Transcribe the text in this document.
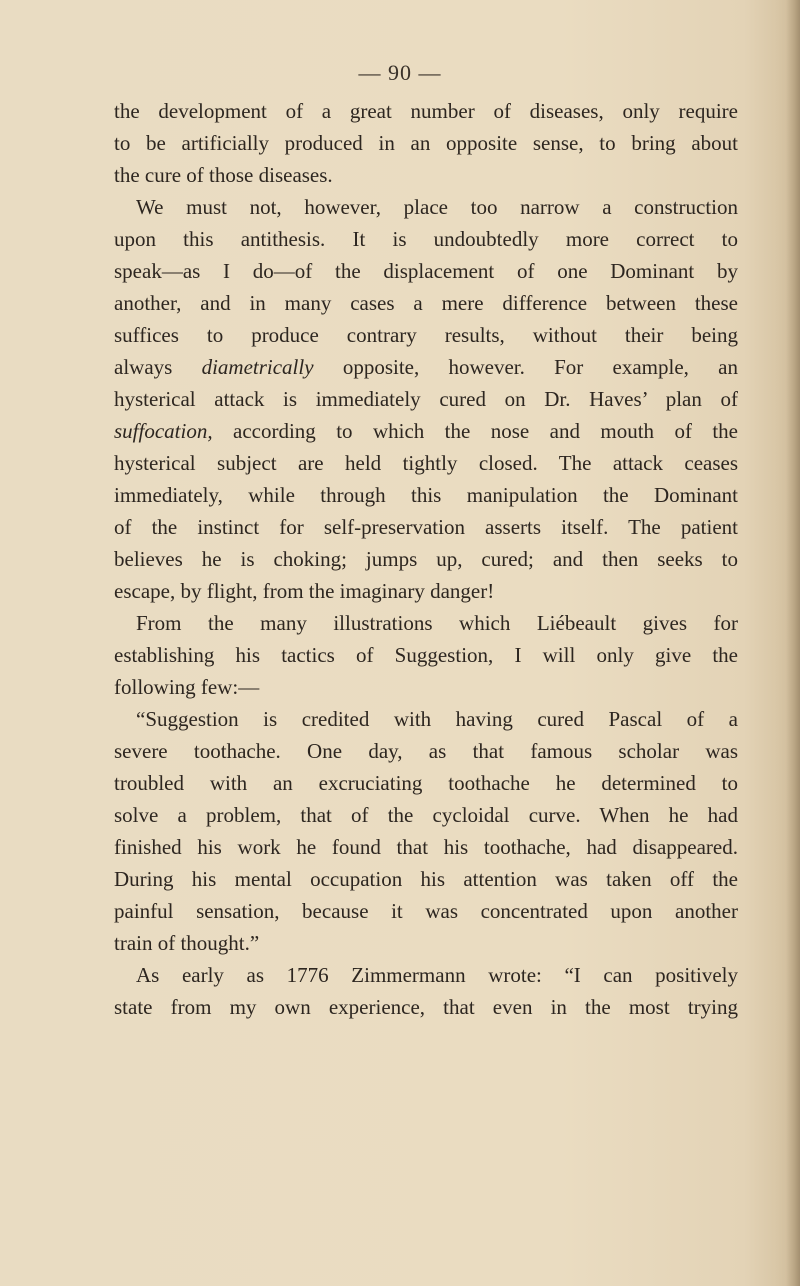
— 90 —
the development of a great number of diseases, only require
to be artificially produced in an opposite sense, to bring about
the cure of those diseases.
We must not, however, place too narrow a construction
upon this antithesis. It is undoubtedly more correct to
speak—as I do—of the displacement of one Dominant by
another, and in many cases a mere difference between these
suffices to produce contrary results, without their being
always diametrically opposite, however. For example, an
hysterical attack is immediately cured on Dr. Haves’ plan of
suffocation, according to which the nose and mouth of the
hysterical subject are held tightly closed. The attack ceases
immediately, while through this manipulation the Dominant
of the instinct for self-preservation asserts itself. The patient
believes he is choking; jumps up, cured; and then seeks to
escape, by flight, from the imaginary danger!
From the many illustrations which Liébeault gives for
establishing his tactics of Suggestion, I will only give the
following few:—
“Suggestion is credited with having cured Pascal of a
severe toothache. One day, as that famous scholar was
troubled with an excruciating toothache he determined to
solve a problem, that of the cycloidal curve. When he had
finished his work he found that his toothache, had disappeared.
During his mental occupation his attention was taken off the
painful sensation, because it was concentrated upon another
train of thought.”
As early as 1776 Zimmermann wrote: “I can positively
state from my own experience, that even in the most trying
